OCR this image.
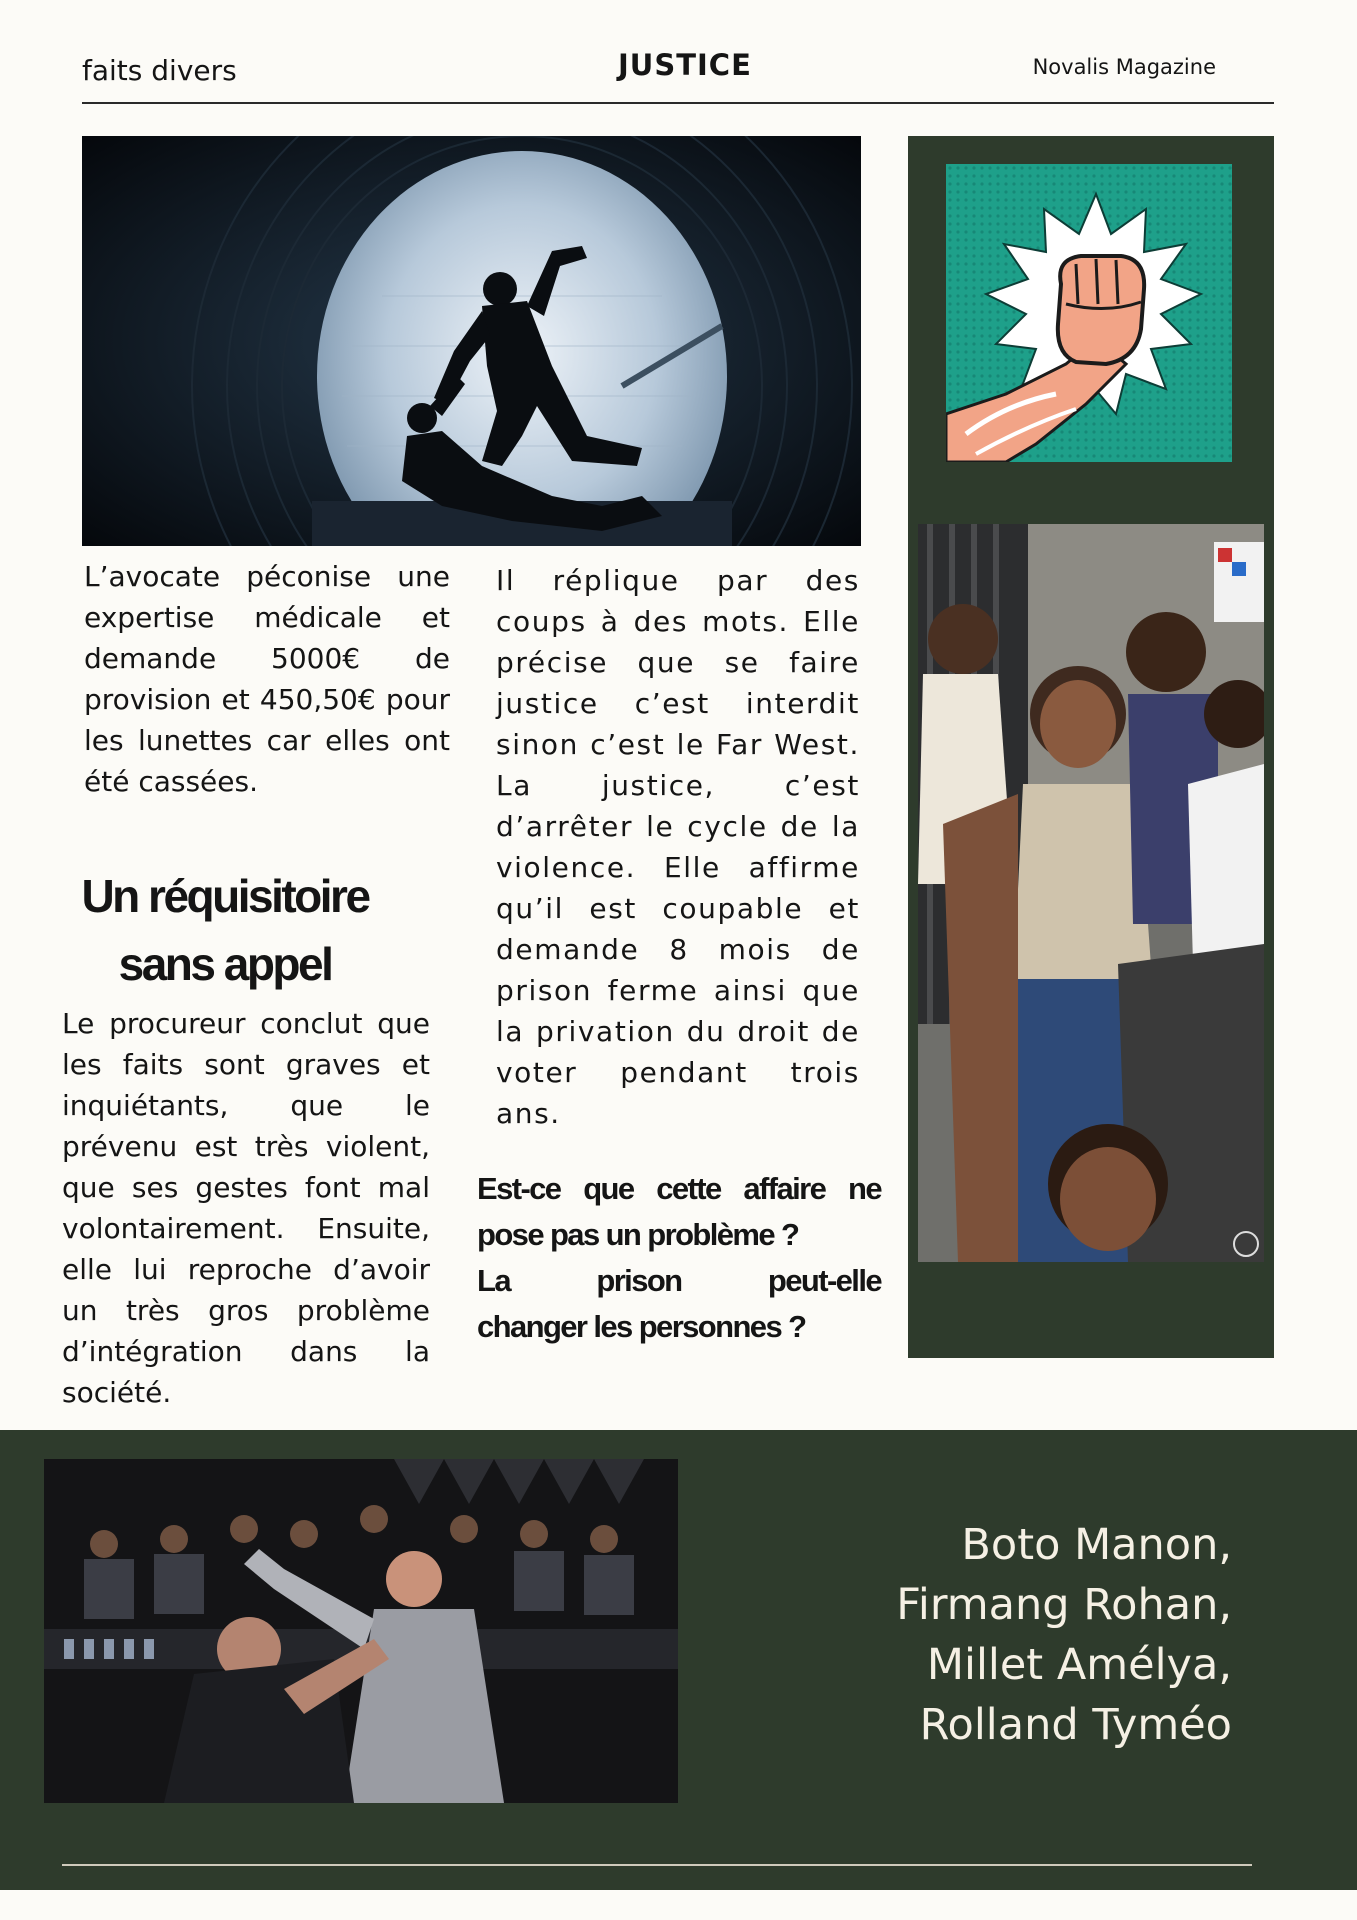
faits divers	JUSTICE	Novalis Magazine

L’avocate péconise une expertise médicale et demande 5000€ de provision et 450,50€ pour les lunettes car elles ont été cassées.

Il réplique par des coups à des mots. Elle précise que se faire justice c’est interdit sinon c’est le Far West. La justice, c’est d’arrêter le cycle de la violence. Elle affirme qu’il est coupable et demande 8 mois de prison ferme ainsi que la privation du droit de voter pendant trois ans.

Un réquisitoire sans appel

Le procureur conclut que les faits sont graves et inquiétants, que le prévenu est très violent, que ses gestes font mal volontairement. Ensuite, elle lui reproche d’avoir un très gros problème d’intégration dans la société.

Est-ce que cette affaire ne pose pas un problème ?

La	prison	peut-elle

changer les personnes ?

Boto Manon,
Firmang Rohan,
Millet Amélya,
Rolland Tyméo
